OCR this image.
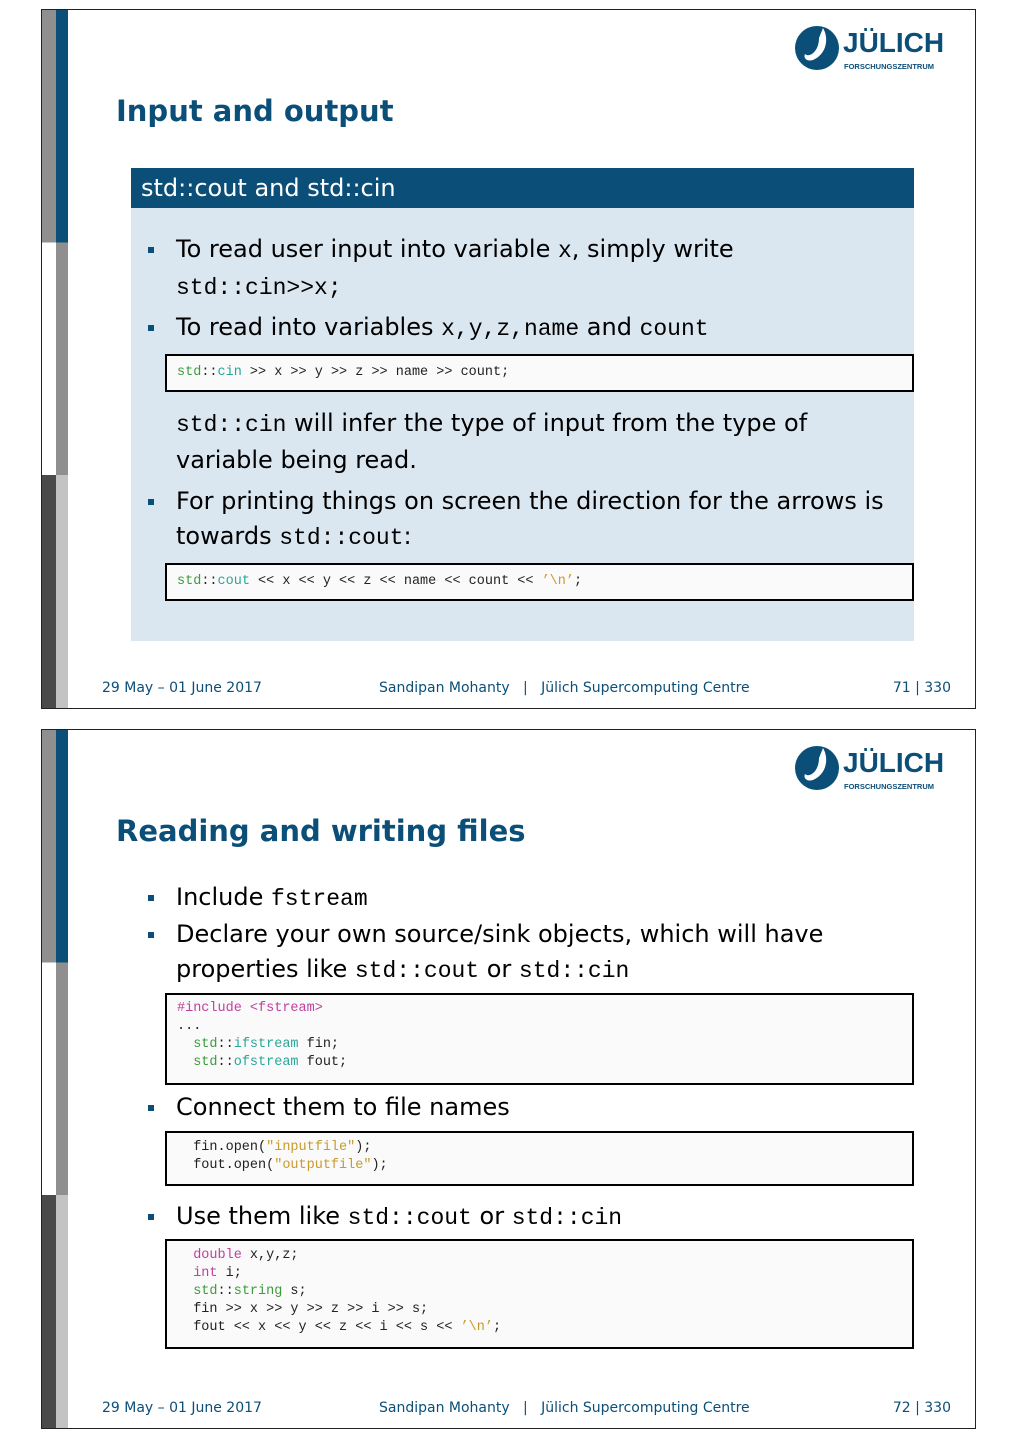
JÜLICH
FORSCHUNGSZENTRUM
Input and output
std::cout and std::cin
To read user input into variable x, simply write
std::cin>>x;
To read into variables x,y,z,name and count
std::cin >> x >> y >> z >> name >> count;
std::cin will infer the type of input from the type of
variable being read.
For printing things on screen the direction for the arrows is
towards std::cout:
std::cout << x << y << z << name << count << ’\n’;
29 May – 01 June 2017	Sandipan Mohanty | Jülich Supercomputing Centre	71 | 330
JÜLICH
FORSCHUNGSZENTRUM
Reading and writing files
Include fstream
Declare your own source/sink objects, which will have
properties like std::cout or std::cin
#include <fstream>
...
std::ifstream fin;
std::ofstream fout;
Connect them to file names
fin.open("inputfile");
fout.open("outputfile");
Use them like std::cout or std::cin
double x,y,z;
int i;
std::string s;
fin >> x >> y >> z >> i >> s;
fout << x << y << z << i << s << ’\n’;
29 May – 01 June 2017	Sandipan Mohanty | Jülich Supercomputing Centre	72 | 330
